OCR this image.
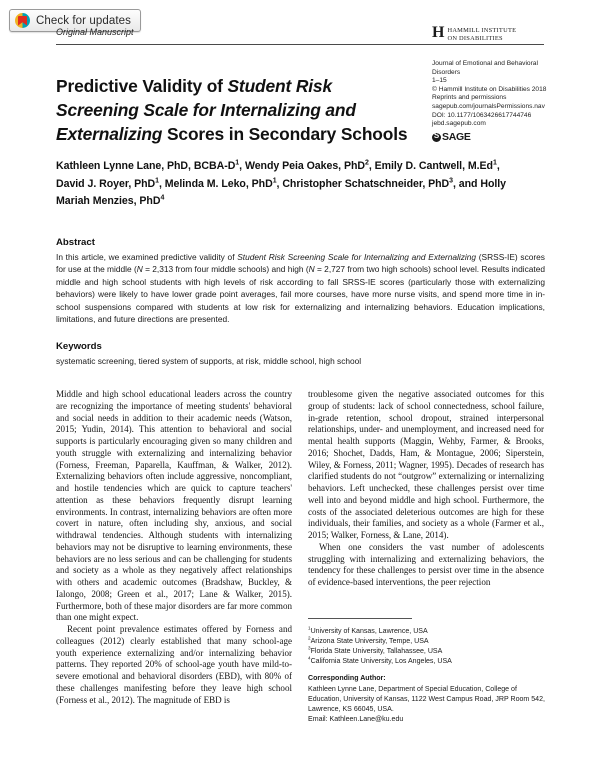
Check for updates
Original Manuscript	H HAMMILL INSTITUTE
ON DISABILITIES
Predictive Validity of Student Risk Screening Scale for Internalizing and Externalizing Scores in Secondary Schools
Journal of Emotional and Behavioral
Disorders
1–15
© Hammill Institute on Disabilities 2018
Reprints and permissions
sagepub.com/journalsPermissions.nav
DOI: 10.1177/1063426617744746
jebd.sagepub.com
S
SAGE
Kathleen Lynne Lane, PhD, BCBA-$D^1$, Wendy Peia Oakes, PhD$^2$, Emily D. Cantwell, M.Ed$^1$, David J. Royer, PhD$^1$, Melinda M. Leko, PhD$^1$, Christopher Schatschneider, PhD$^3$, and Holly Mariah Menzies, PhD$^4$
Abstract
In this article, we examined predictive validity of Student Risk Screening Scale for Internalizing and Externalizing (SRSS-IE) scores for use at the middle (N = 2,313 from four middle schools) and high (N = 2,727 from two high schools) school level. Results indicated middle and high school students with high levels of risk according to fall SRSS-IE scores (particularly those with externalizing behaviors) were likely to have lower grade point averages, fail more courses, have more nurse visits, and spend more time in in-school suspensions compared with students at low risk for externalizing and internalizing behaviors. Education implications, limitations, and future directions are presented.
Keywords
systematic screening, tiered system of supports, at risk, middle school, high school

Middle and high school educational leaders across the country are recognizing the importance of meeting students' behavioral and social needs in addition to their academic needs (Watson, 2015; Yudin, 2014). This attention to behavioral and social supports is particularly encouraging given so many children and youth struggle with externalizing and internalizing behavior (Forness, Freeman, Paparella, Kauffman, & Walker, 2012). Externalizing behaviors often include aggressive, noncompliant, and hostile tendencies which are quick to capture teachers' attention as these behaviors frequently disrupt learning environments. In contrast, internalizing behaviors are often more covert in nature, often including shy, anxious, and social withdrawal tendencies. Although students with internalizing behaviors may not be disruptive to learning environments, these behaviors are no less serious and can be challenging for students and society as a whole as they negatively affect relationships with others and academic outcomes (Bradshaw, Buckley, & Ialongo, 2008; Green et al., 2017; Lane & Walker, 2015). Furthermore, both of these major disorders are far more common than one might expect.

Recent point prevalence estimates offered by Forness and colleagues (2012) clearly established that many school-age youth experience externalizing and/or internalizing behavior patterns. They reported 20% of school-age youth have mild-to-severe emotional and behavioral disorders (EBD), with 80% of these challenges manifesting before they leave high school (Forness et al., 2012). The magnitude of EBD is

troublesome given the negative associated outcomes for this group of students: lack of school connectedness, school failure, in-grade retention, school dropout, strained interpersonal relationships, under- and unemployment, and increased need for mental health supports (Maggin, Wehby, Farmer, & Brooks, 2016; Shochet, Dadds, Ham, & Montague, 2006; Siperstein, Wiley, & Forness, 2011; Wagner, 1995). Decades of research has clarified students do not “outgrow” externalizing or internalizing behaviors. Left unchecked, these challenges persist over time well into and beyond middle and high school. Furthermore, the costs of the associated deleterious outcomes are high for these individuals, their families, and society as a whole (Farmer et al., 2015; Walker, Forness, & Lane, 2014).

When one considers the vast number of adolescents struggling with internalizing and externalizing behaviors, the tendency for these challenges to persist over time in the absence of evidence-based interventions, the peer rejection

$^1$University of Kansas, Lawrence, USA
$^2$Arizona State University, Tempe, USA
$^3$Florida State University, Tallahassee, USA
$^4$California State University, Los Angeles, USA
Corresponding Author:
Kathleen Lynne Lane, Department of Special Education, College of Education, University of Kansas, 1122 West Campus Road, JRP Room 542, Lawrence, KS 66045, USA.
Email: Kathleen.Lane@ku.edu
